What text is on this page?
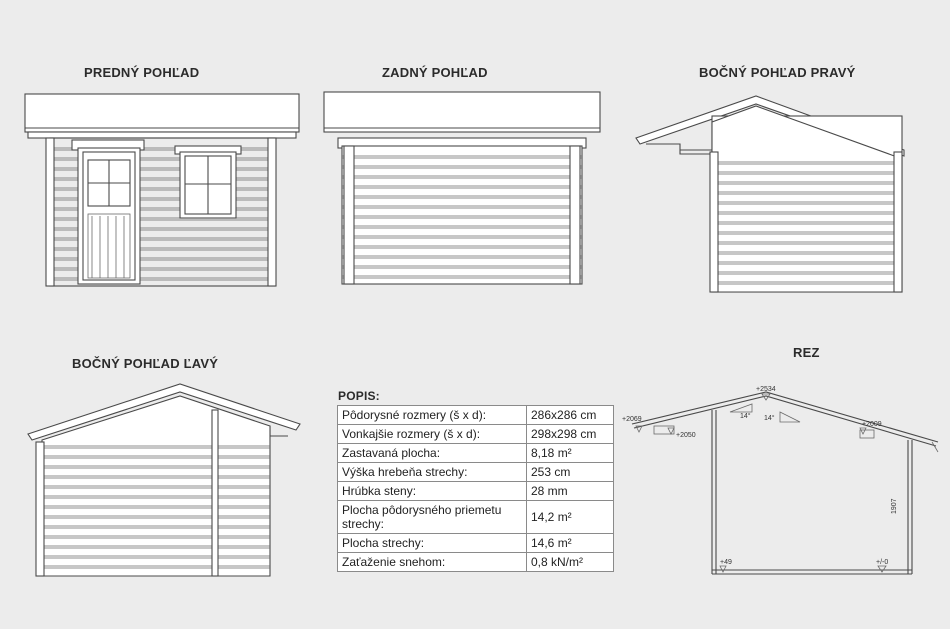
PREDNÝ POHĽAD	ZADNÝ POHĽAD	BOČNÝ POHĽAD PRAVÝ
BOČNÝ POHĽAD ĽAVÝ
REZ
POPIS:
Pôdorysné rozmery (š x d):	286x286 cm
Vonkajšie rozmery (š x d):	298x298 cm
Zastavaná plocha:	8,18 m²
Výška hrebeňa strechy:	253 cm
Hrúbka steny:	28 mm
Plocha pôdorysného priemetu strechy:	14,2 m²
Plocha strechy:	14,6 m²
Zaťaženie snehom:	0,8 kN/m²
+2534
+2069
+2050
14° 14°
+2009
1907
+49	+/-0
